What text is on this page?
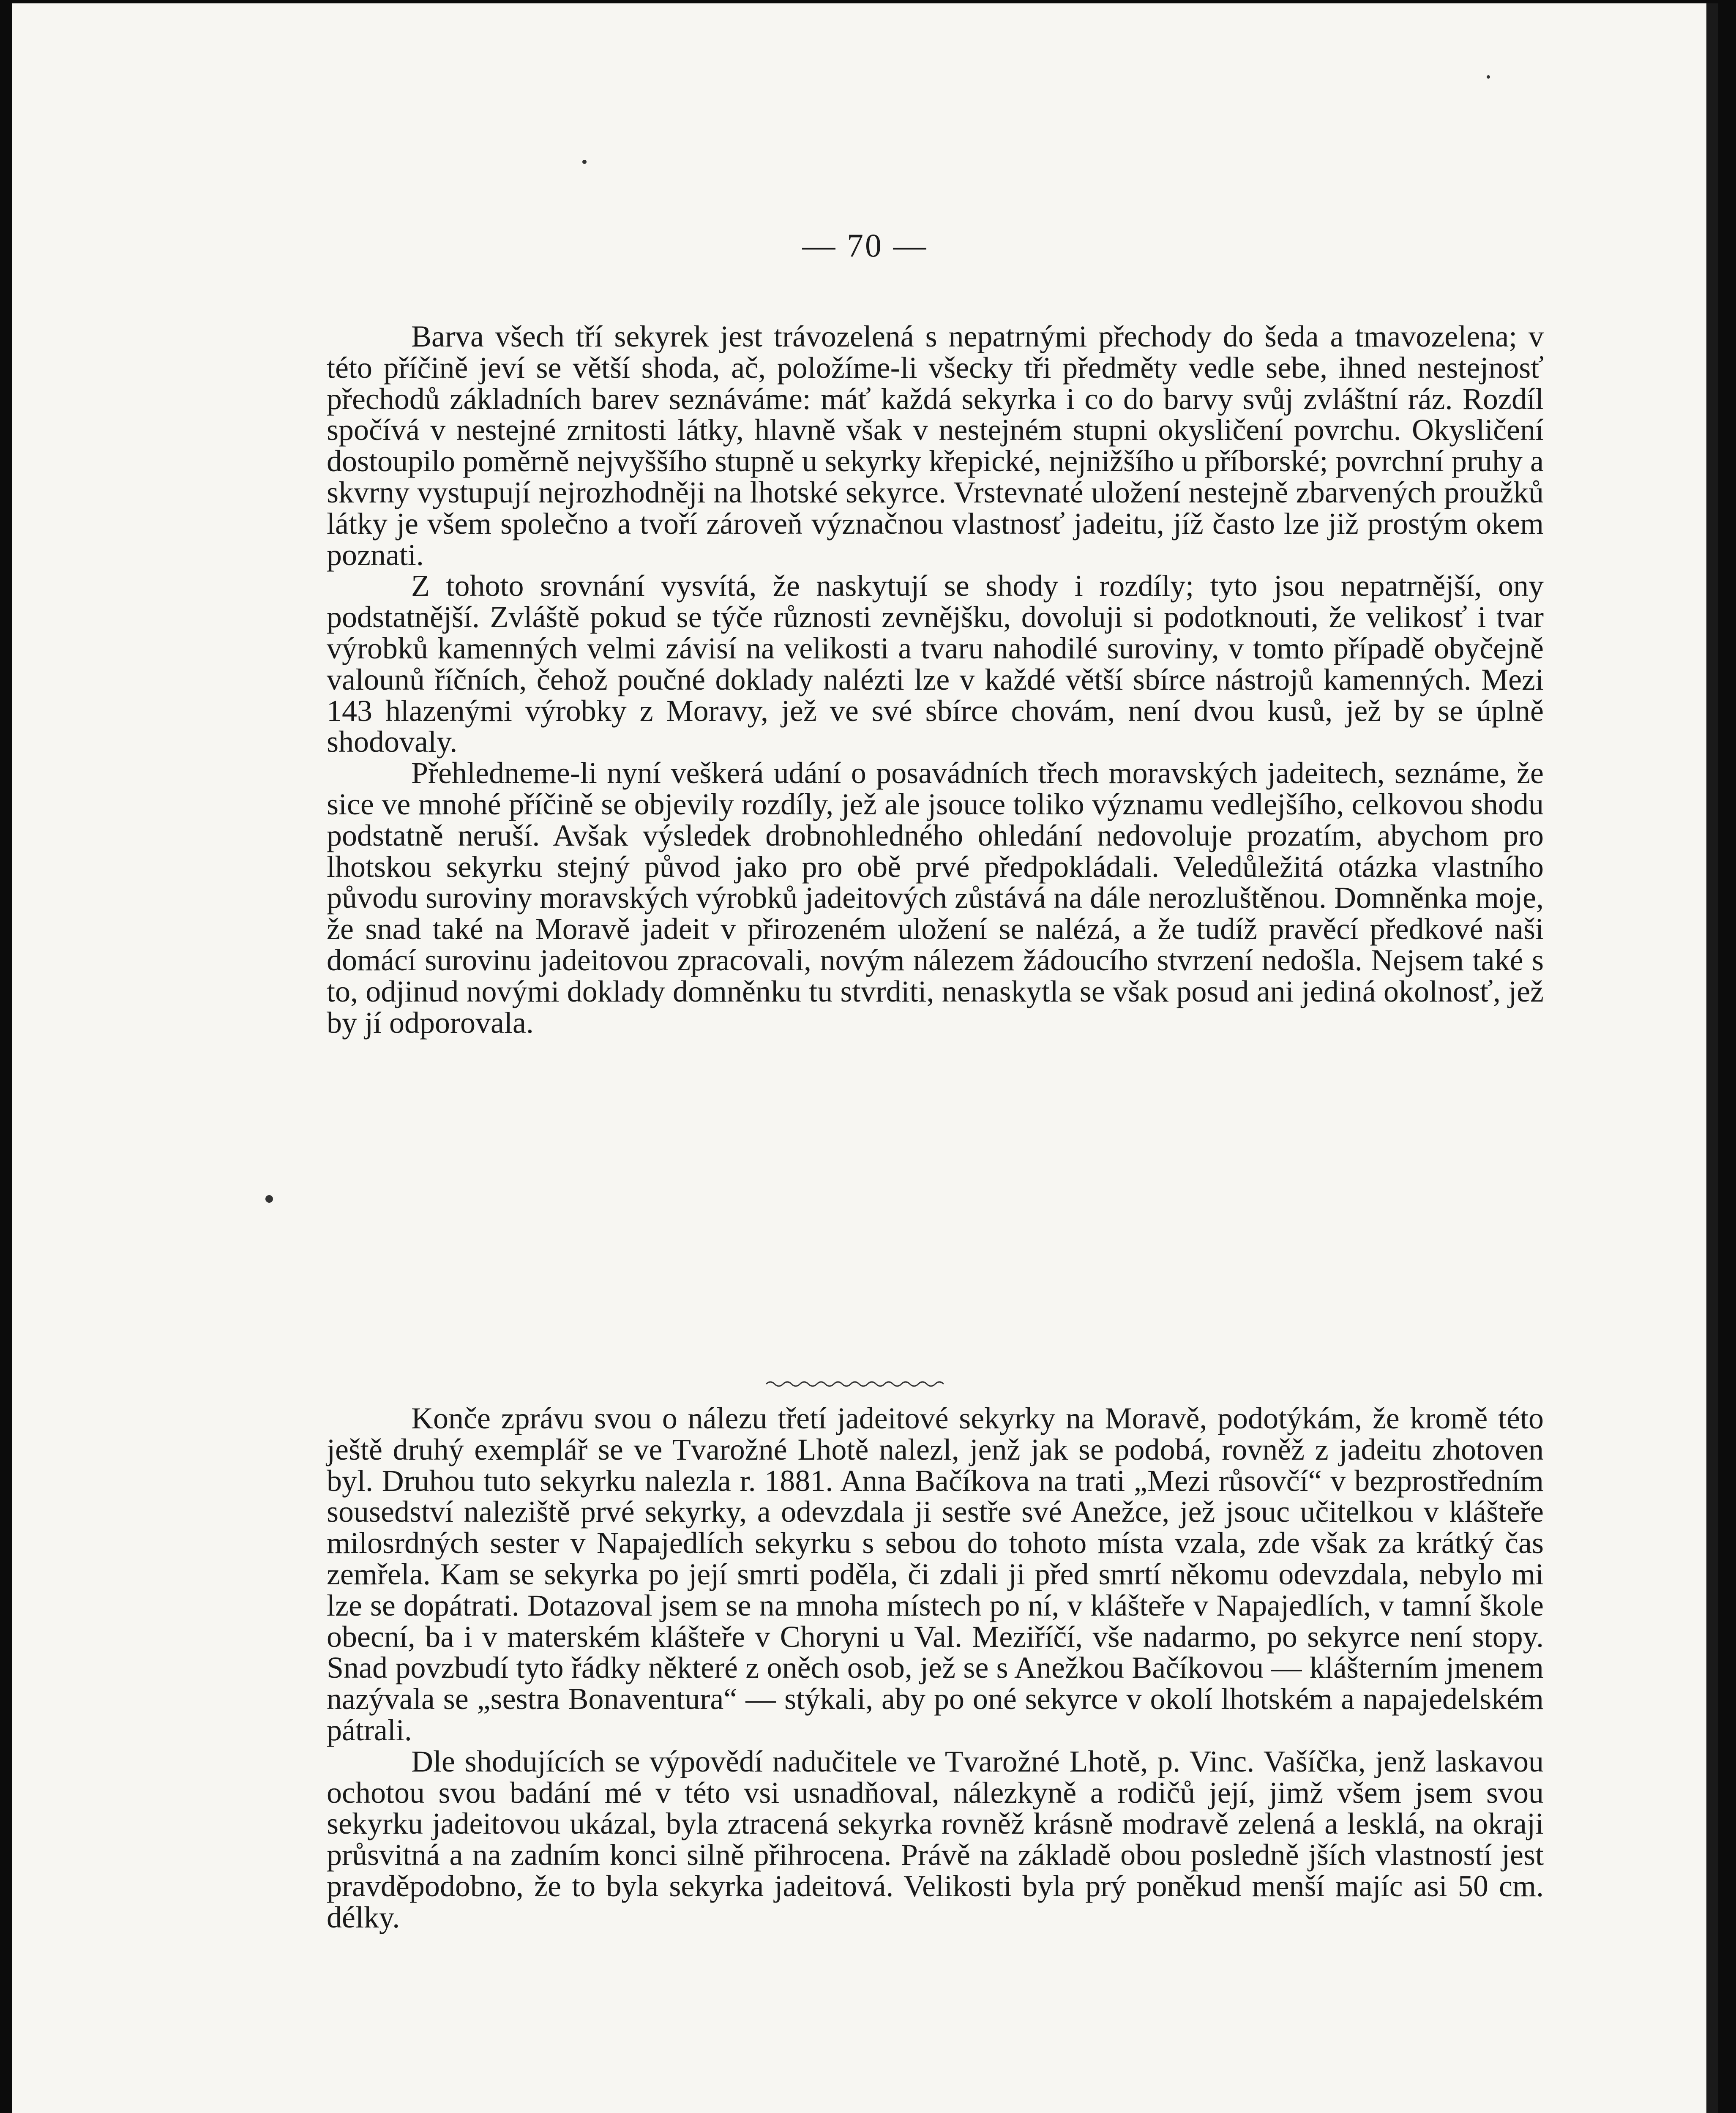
— 70 —

Barva všech tří sekyrek jest trávozelená s nepatrnými přechody do šeda a tmavozelena; v této příčině jeví se větší shoda, ač, položíme-li všecky tři předměty vedle sebe, ihned nestejnosť přechodů základních barev seznáváme: máť každá sekyrka i co do barvy svůj zvláštní ráz. Rozdíl spočívá v nestejné zrnitosti látky, hlavně však v nestejném stupni okysličení povrchu. Okysličení dostoupilo poměrně nejvyššího stupně u sekyrky křepické, nejnižšího u příborské; povrchní pruhy a skvrny vystupují nejrozhodněji na lhotské sekyrce. Vrstevnaté uložení nestejně zbarvených proužků látky je všem společno a tvoří zároveň význačnou vlastnosť jadeitu, jíž často lze již prostým okem poznati.

Z tohoto srovnání vysvítá, že naskytují se shody i rozdíly; tyto jsou nepatrnější, ony podstatnější. Zvláště pokud se týče různosti zevnějšku, dovoluji si podotknouti, že velikosť i tvar výrobků kamenných velmi závisí na velikosti a tvaru nahodilé suroviny, v tomto případě obyčejně valounů říčních, čehož poučné doklady nalézti lze v každé větší sbírce nástrojů kamenných. Mezi 143 hlazenými výrobky z Moravy, jež ve své sbírce chovám, není dvou kusů, jež by se úplně shodovaly.

Přehledneme-li nyní veškerá udání o posavádních třech moravských jadeitech, seznáme, že sice ve mnohé příčině se objevily rozdíly, jež ale jsouce toliko významu vedlejšího, celkovou shodu podstatně neruší. Avšak výsledek drobnohledného ohledání nedovoluje prozatím, abychom pro lhotskou sekyrku stejný původ jako pro obě prvé předpokládali. Veledůležitá otázka vlastního původu suroviny moravských výrobků jadeitových zůstává na dále nerozluštěnou. Domněnka moje, že snad také na Moravě jadeit v přirozeném uložení se nalézá, a že tudíž pravěcí předkové naši domácí surovinu jadeitovou zpracovali, novým nálezem žádoucího stvrzení nedošla. Nejsem také s to, odjinud novými doklady domněnku tu stvrditi, nenaskytla se však posud ani jediná okolnosť, jež by jí odporovala.

Konče zprávu svou o nálezu třetí jadeitové sekyrky na Moravě, podotýkám, že kromě této ještě druhý exemplář se ve Tvarožné Lhotě nalezl, jenž jak se podobá, rovněž z jadeitu zhotoven byl. Druhou tuto sekyrku nalezla r. 1881. Anna Bačíkova na trati „Mezi růsovčí“ v bezprostředním sousedství naleziště prvé sekyrky, a odevzdala ji sestře své Anežce, jež jsouc učitelkou v klášteře milosrdných sester v Napajedlích sekyrku s sebou do tohoto místa vzala, zde však za krátký čas zemřela. Kam se sekyrka po její smrti poděla, či zdali ji před smrtí někomu odevzdala, nebylo mi lze se dopátrati. Dotazoval jsem se na mnoha místech po ní, v klášteře v Napajedlích, v tamní škole obecní, ba i v materském klášteře v Choryni u Val. Meziříčí, vše nadarmo, po sekyrce není stopy. Snad povzbudí tyto řádky některé z oněch osob, jež se s Anežkou Bačíkovou — klášterním jmenem nazývala se „sestra Bonaventura“ — stýkali, aby po oné sekyrce v okolí lhotském a napajedelském pátrali.

Dle shodujících se výpovědí nadučitele ve Tvarožné Lhotě, p. Vinc. Vašíčka, jenž laskavou ochotou svou badání mé v této vsi usnadňoval, nálezkyně a rodičů její, jimž všem jsem svou sekyrku jadeitovou ukázal, byla ztracená sekyrka rovněž krásně modravě zelená a lesklá, na okraji průsvitná a na zadním konci silně přihrocena. Právě na základě obou posledně jších vlastností jest pravděpodobno, že to byla sekyrka jadeitová. Velikosti byla prý poněkud menší majíc asi 50 cm. délky.
